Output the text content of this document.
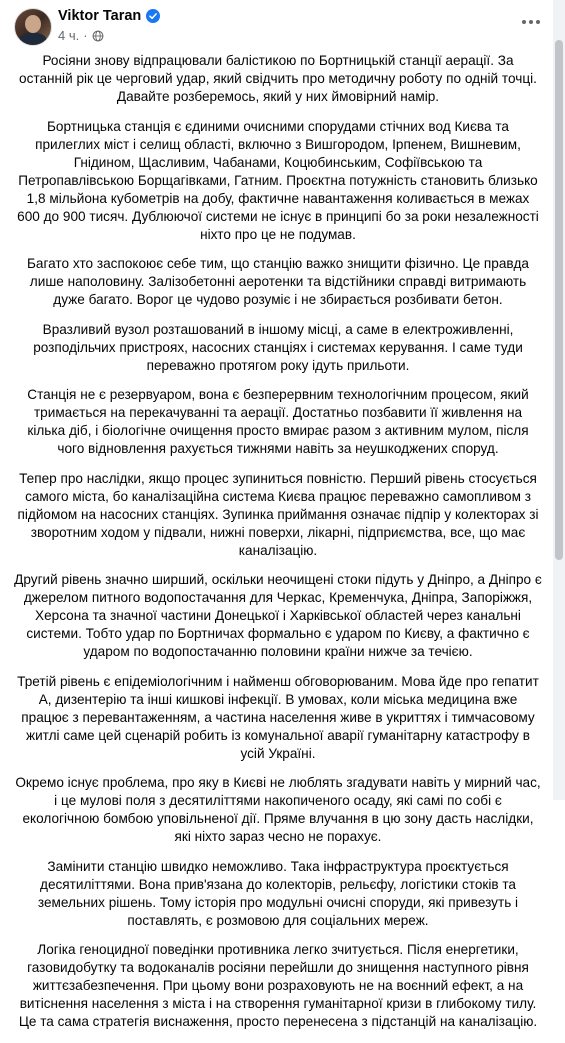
Viktor Taran
4 ч. ·

Росіяни знову відпрацювали балістикою по Бортницькій станції аерації. За останній рік це черговий удар, який свідчить про методичну роботу по одній точці. Давайте розберемось, який у них ймовірний намір.

Бортницька станція є єдиними очисними спорудами стічних вод Києва та прилеглих міст і селищ області, включно з Вишгородом, Ірпенем, Вишневим, Гнідином, Щасливим, Чабанами, Коцюбинським, Софіївською та Петропавлівською Борщагівками, Гатним. Проєктна потужність становить близько 1,8 мільйона кубометрів на добу, фактичне навантаження коливається в межах 600 до 900 тисяч. Дублюючої системи не існує в принципі бо за роки незалежності ніхто про це не подумав.

Багато хто заспокоює себе тим, що станцію важко знищити фізично. Це правда лише наполовину. Залізобетонні аеротенки та відстійники справді витримають дуже багато. Ворог це чудово розуміє і не збирається розбивати бетон.

Вразливий вузол розташований в іншому місці, а саме в електроживленні, розподільчих пристроях, насосних станціях і системах керування. І саме туди переважно протягом року ідуть прильоти.

Станція не є резервуаром, вона є безперервним технологічним процесом, який тримається на перекачуванні та аерації. Достатньо позбавити її живлення на кілька діб, і біологічне очищення просто вмирає разом з активним мулом, після чого відновлення рахується тижнями навіть за неушкоджених споруд.

Тепер про наслідки, якщо процес зупиниться повністю. Перший рівень стосується самого міста, бо каналізаційна система Києва працює переважно самопливом з підйомом на насосних станціях. Зупинка приймання означає підпір у колекторах зі зворотним ходом у підвали, нижні поверхи, лікарні, підприємства, все, що має каналізацію.

Другий рівень значно ширший, оскільки неочищені стоки підуть у Дніпро, а Дніпро є джерелом питного водопостачання для Черкас, Кременчука, Дніпра, Запоріжжя, Херсона та значної частини Донецької і Харківської областей через канальні системи. Тобто удар по Бортничах формально є ударом по Києву, а фактично є ударом по водопостачанню половини країни нижче за течією.

Третій рівень є епідеміологічним і найменш обговорюваним. Мова йде про гепатит А, дизентерію та інші кишкові інфекції. В умовах, коли міська медицина вже працює з перевантаженням, а частина населення живе в укриттях і тимчасовому житлі саме цей сценарій робить із комунальної аварії гуманітарну катастрофу в усій Україні.

Окремо існує проблема, про яку в Києві не люблять згадувати навіть у мирний час, і це мулові поля з десятиліттями накопиченого осаду, які самі по собі є екологічною бомбою уповільненої дії. Пряме влучання в цю зону дасть наслідки, які ніхто зараз чесно не порахує.

Замінити станцію швидко неможливо. Така інфраструктура проєктується десятиліттями. Вона прив'язана до колекторів, рельєфу, логістики стоків та земельних рішень. Тому історія про модульні очисні споруди, які привезуть і поставлять, є розмовою для соціальних мереж.

Логіка геноцидної поведінки противника легко зчитується. Після енергетики, газовидобутку та водоканалів росіяни перейшли до знищення наступного рівня життєзабезпечення. При цьому вони розраховують не на воєнний ефект, а на витіснення населення з міста і на створення гуманітарної кризи в глибокому тилу. Це та сама стратегія виснаження, просто перенесена з підстанцій на каналізацію.
